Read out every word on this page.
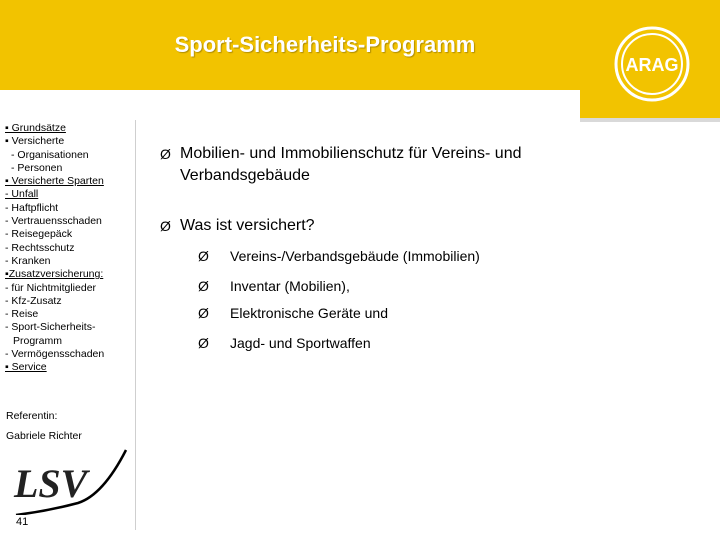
Sport-Sicherheits-Programm
ARAG
▪ Grundsätze
▪ Versicherte
- Organisationen
- Personen
▪ Versicherte Sparten
- Unfall
- Haftpflicht
- Vertrauensschaden
- Reisegepäck
- Rechtsschutz
- Kranken
▪Zusatzversicherung:
- für Nichtmitglieder
- Kfz-Zusatz
- Reise
- Sport-Sicherheits-
Programm
- Vermögensschaden
▪ Service
Referentin:
Gabriele Richter
LSV
41
Ø Mobilien- und Immobilienschutz für Vereins- und Verbandsgebäude
Ø Was ist versichert?
Ø Vereins-/Verbandsgebäude (Immobilien)
Ø Inventar (Mobilien),
Ø Elektronische Geräte und
Ø Jagd- und Sportwaffen
